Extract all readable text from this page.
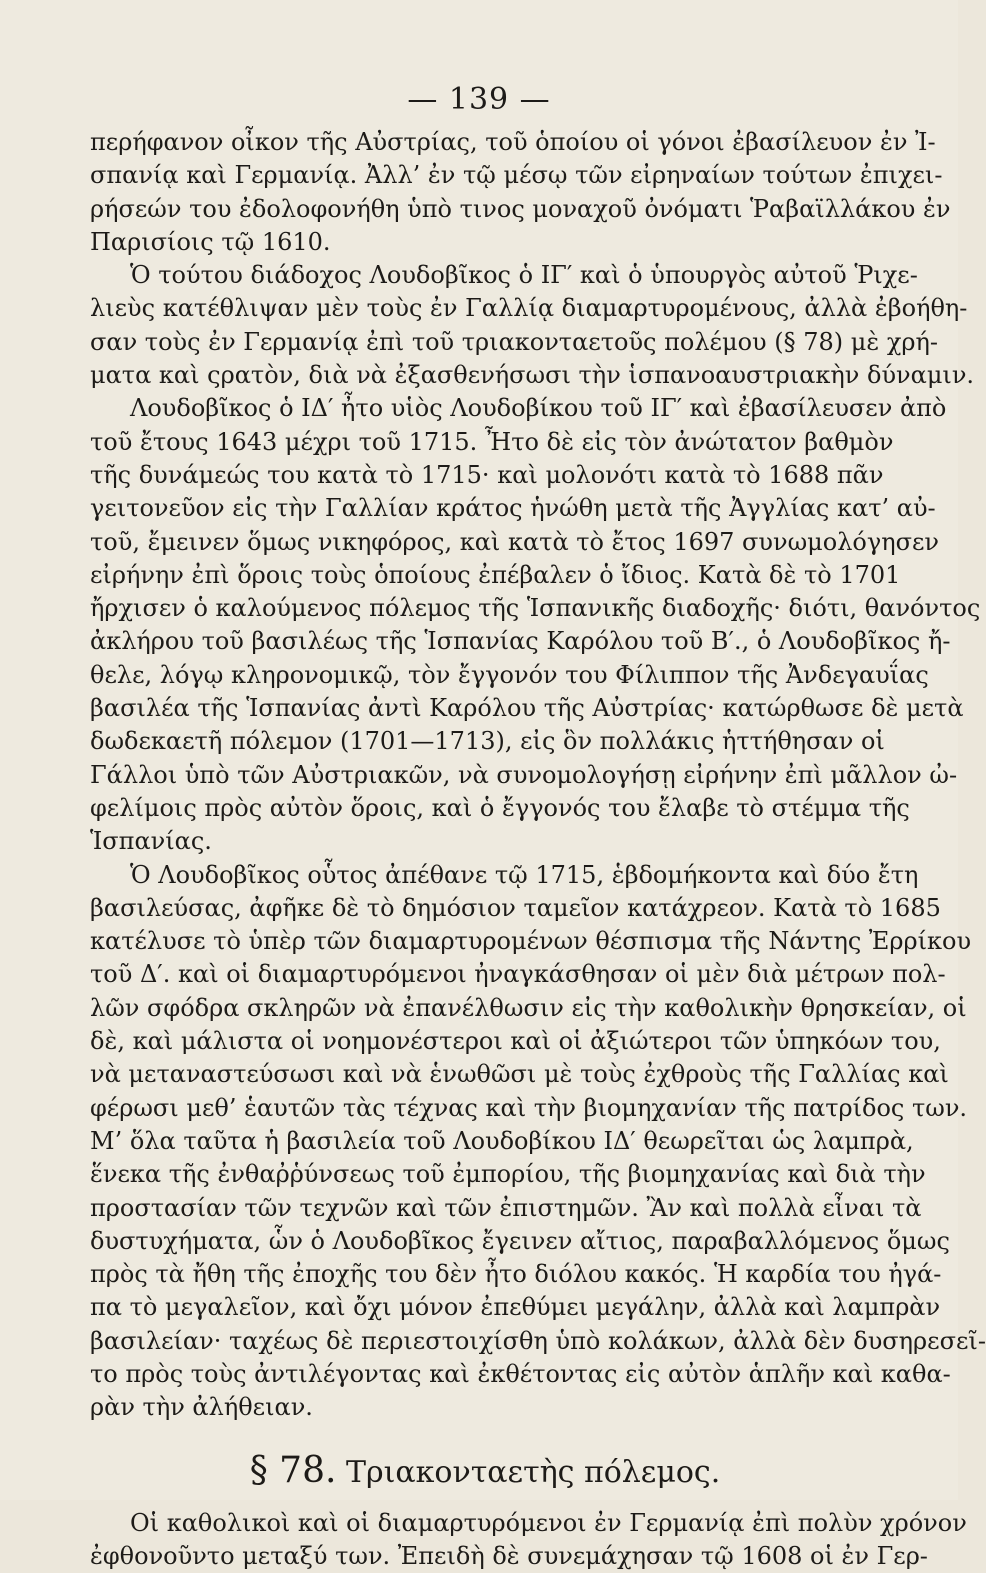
— 139 —
περήφανον οἶκον τῆς Αὐστρίας, τοῦ ὁποίου οἱ γόνοι ἐβασίλευον ἐν Ἰ-
σπανίᾳ καὶ Γερμανίᾳ. Ἀλλ’ ἐν τῷ μέσῳ τῶν εἰρηναίων τούτων ἐπιχει-
ρήσεών του ἐδολοφονήθη ὑπὸ τινος μοναχοῦ ὀνόματι Ῥαβαϊλλάκου ἐν
Παρισίοις τῷ 1610.
Ὁ τούτου διάδοχος Λουδοβῖκος ὁ ΙΓ′ καὶ ὁ ὑπουργὸς αὐτοῦ Ῥιχε-
λιεὺς κατέθλιψαν μὲν τοὺς ἐν Γαλλίᾳ διαμαρτυρομένους, ἀλλὰ ἐβοήθη-
σαν τοὺς ἐν Γερμανίᾳ ἐπὶ τοῦ τριακονταετοῦς πολέμου (§ 78) μὲ χρή-
ματα καὶ ςρατὸν, διὰ νὰ ἐξασθενήσωσι τὴν ἱσπανοαυστριακὴν δύναμιν.
Λουδοβῖκος ὁ ΙΔ′ ἦτο υἱὸς Λουδοβίκου τοῦ ΙΓ′ καὶ ἐβασίλευσεν ἀπὸ
τοῦ ἔτους 1643 μέχρι τοῦ 1715. Ἦτο δὲ εἰς τὸν ἀνώτατον βαθμὸν
τῆς δυνάμεώς του κατὰ τὸ 1715· καὶ μολονότι κατὰ τὸ 1688 πᾶν
γειτονεῦον εἰς τὴν Γαλλίαν κράτος ἡνώθη μετὰ τῆς Ἀγγλίας κατ’ αὐ-
τοῦ, ἔμεινεν ὅμως νικηφόρος, καὶ κατὰ τὸ ἔτος 1697 συνωμολόγησεν
εἰρήνην ἐπὶ ὅροις τοὺς ὁποίους ἐπέβαλεν ὁ ἴδιος. Κατὰ δὲ τὸ 1701
ἤρχισεν ὁ καλούμενος πόλεμος τῆς Ἱσπανικῆς διαδοχῆς· διότι, θανόντος
ἀκλήρου τοῦ βασιλέως τῆς Ἱσπανίας Καρόλου τοῦ Β′., ὁ Λουδοβῖκος ἤ-
θελε, λόγῳ κληρονομικῷ, τὸν ἔγγονόν του Φίλιππον τῆς Ἀνδεγαυΐας
βασιλέα τῆς Ἱσπανίας ἀντὶ Καρόλου τῆς Αὐστρίας· κατώρθωσε δὲ μετὰ
δωδεκαετῆ πόλεμον (1701—1713), εἰς ὃν πολλάκις ἡττήθησαν οἱ
Γάλλοι ὑπὸ τῶν Αὐστριακῶν, νὰ συνομολογήσῃ εἰρήνην ἐπὶ μᾶλλον ὠ-
φελίμοις πρὸς αὐτὸν ὅροις, καὶ ὁ ἔγγονός του ἔλαβε τὸ στέμμα τῆς
Ἱσπανίας.
Ὁ Λουδοβῖκος οὗτος ἀπέθανε τῷ 1715, ἑβδομήκοντα καὶ δύο ἔτη
βασιλεύσας, ἀφῆκε δὲ τὸ δημόσιον ταμεῖον κατάχρεον. Κατὰ τὸ 1685
κατέλυσε τὸ ὑπὲρ τῶν διαμαρτυρομένων θέσπισμα τῆς Νάντης Ἐρρίκου
τοῦ Δ′. καὶ οἱ διαμαρτυρόμενοι ἠναγκάσθησαν οἱ μὲν διὰ μέτρων πολ-
λῶν σφόδρα σκληρῶν νὰ ἐπανέλθωσιν εἰς τὴν καθολικὴν θρησκείαν, οἱ
δὲ, καὶ μάλιστα οἱ νοημονέστεροι καὶ οἱ ἀξιώτεροι τῶν ὑπηκόων του,
νὰ μεταναστεύσωσι καὶ νὰ ἑνωθῶσι μὲ τοὺς ἐχθροὺς τῆς Γαλλίας καὶ
φέρωσι μεθ’ ἑαυτῶν τὰς τέχνας καὶ τὴν βιομηχανίαν τῆς πατρίδος των.
Μ’ ὅλα ταῦτα ἡ βασιλεία τοῦ Λουδοβίκου ΙΔ′ θεωρεῖται ὡς λαμπρὰ,
ἕνεκα τῆς ἐνθαῤῥύνσεως τοῦ ἐμπορίου, τῆς βιομηχανίας καὶ διὰ τὴν
προστασίαν τῶν τεχνῶν καὶ τῶν ἐπιστημῶν. Ἂν καὶ πολλὰ εἶναι τὰ
δυστυχήματα, ὧν ὁ Λουδοβῖκος ἔγεινεν αἴτιος, παραβαλλόμενος ὅμως
πρὸς τὰ ἤθη τῆς ἐποχῆς του δὲν ἦτο διόλου κακός. Ἡ καρδία του ἠγά-
πα τὸ μεγαλεῖον, καὶ ὄχι μόνον ἐπεθύμει μεγάλην, ἀλλὰ καὶ λαμπρὰν
βασιλείαν· ταχέως δὲ περιεστοιχίσθη ὑπὸ κολάκων, ἀλλὰ δὲν δυσηρεσεῖ-
το πρὸς τοὺς ἀντιλέγοντας καὶ ἐκθέτοντας εἰς αὐτὸν ἁπλῆν καὶ καθα-
ρὰν τὴν ἀλήθειαν.
§ 78. Τριακονταετὴς πόλεμος.
Οἱ καθολικοὶ καὶ οἱ διαμαρτυρόμενοι ἐν Γερμανίᾳ ἐπὶ πολὺν χρόνον
ἐφθονοῦντο μεταξύ των. Ἐπειδὴ δὲ συνεμάχησαν τῷ 1608 οἱ ἐν Γερ-
